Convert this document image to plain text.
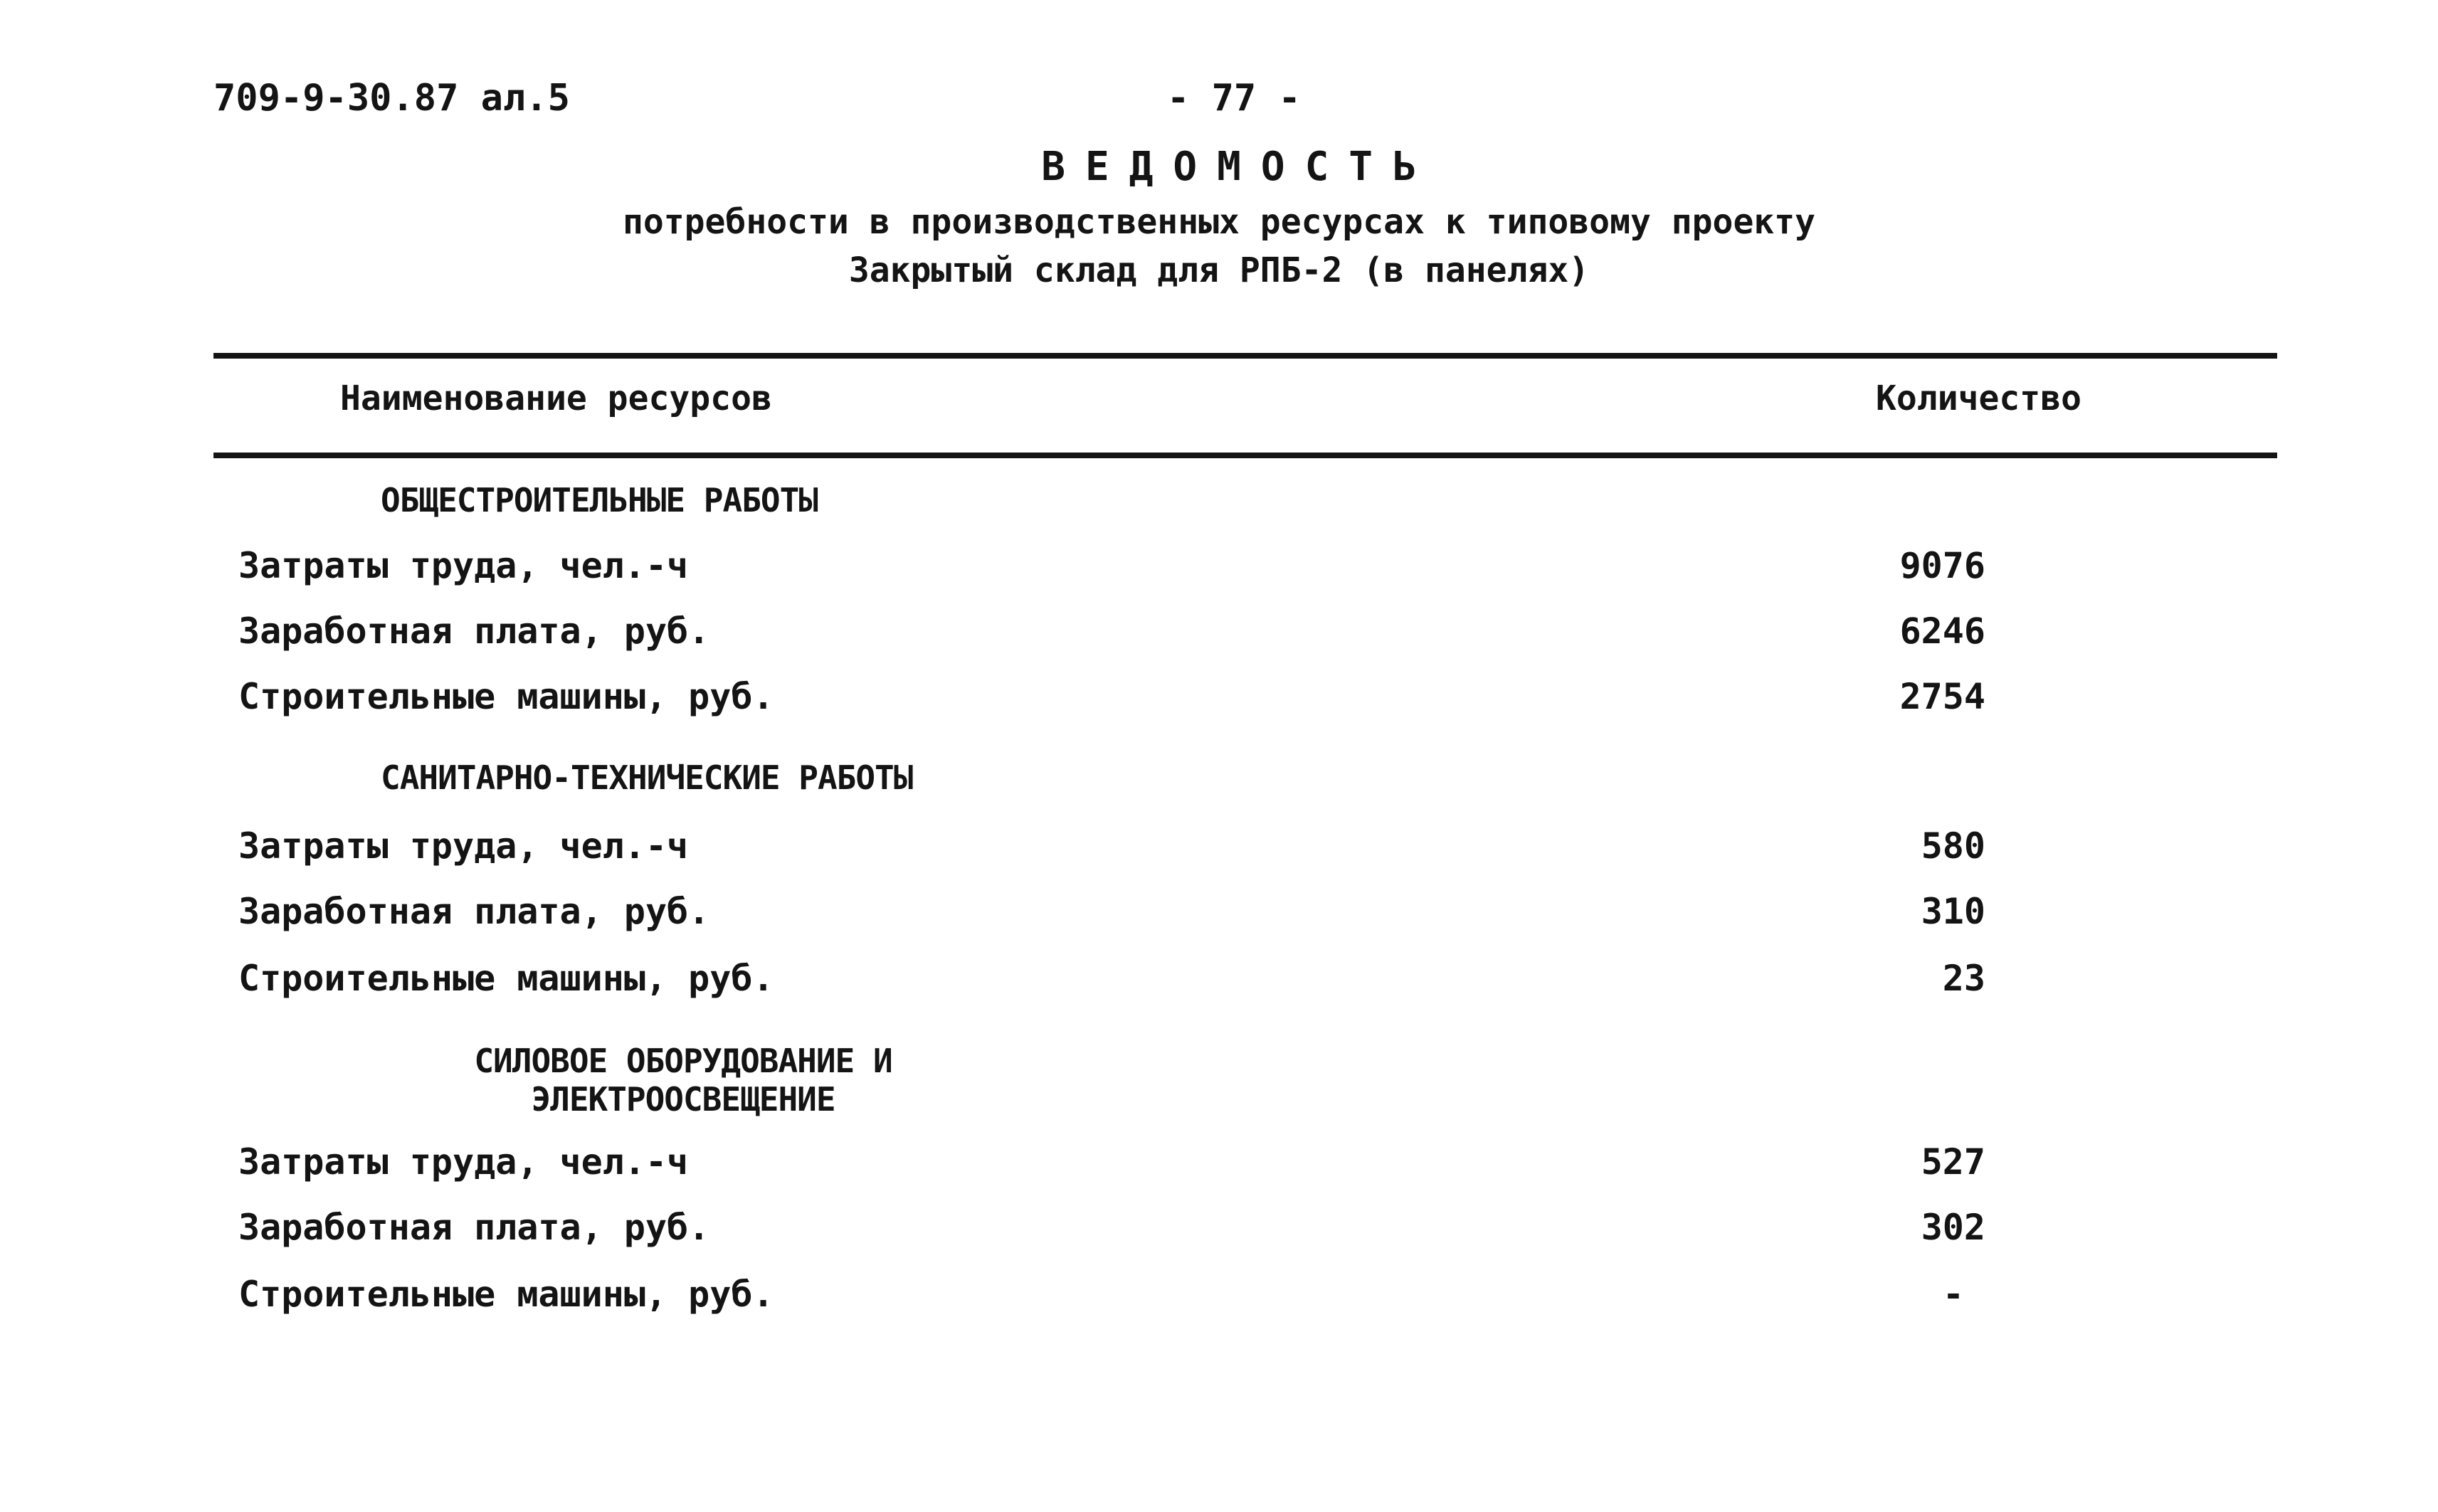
709-9-30.87 ал.5	- 77 -
ВЕДОМОСТЬ
потребности в производственных ресурсах к типовому проекту
Закрытый склад для РПБ-2 (в панелях)
Наименование ресурсов	Количество
ОБЩЕСТРОИТЕЛЬНЫЕ РАБОТЫ
Затраты труда, чел.-ч	9076
Заработная плата, руб.	6246
Строительные машины, руб.	2754
САНИТАРНО-ТЕХНИЧЕСКИЕ РАБОТЫ
Затраты труда, чел.-ч	580
Заработная плата, руб.	310
Строительные машины, руб.	23
СИЛОВОЕ ОБОРУДОВАНИЕ И
ЭЛЕКТРООСВЕЩЕНИЕ
Затраты труда, чел.-ч	527
Заработная плата, руб.	302
Строительные машины, руб.	-
